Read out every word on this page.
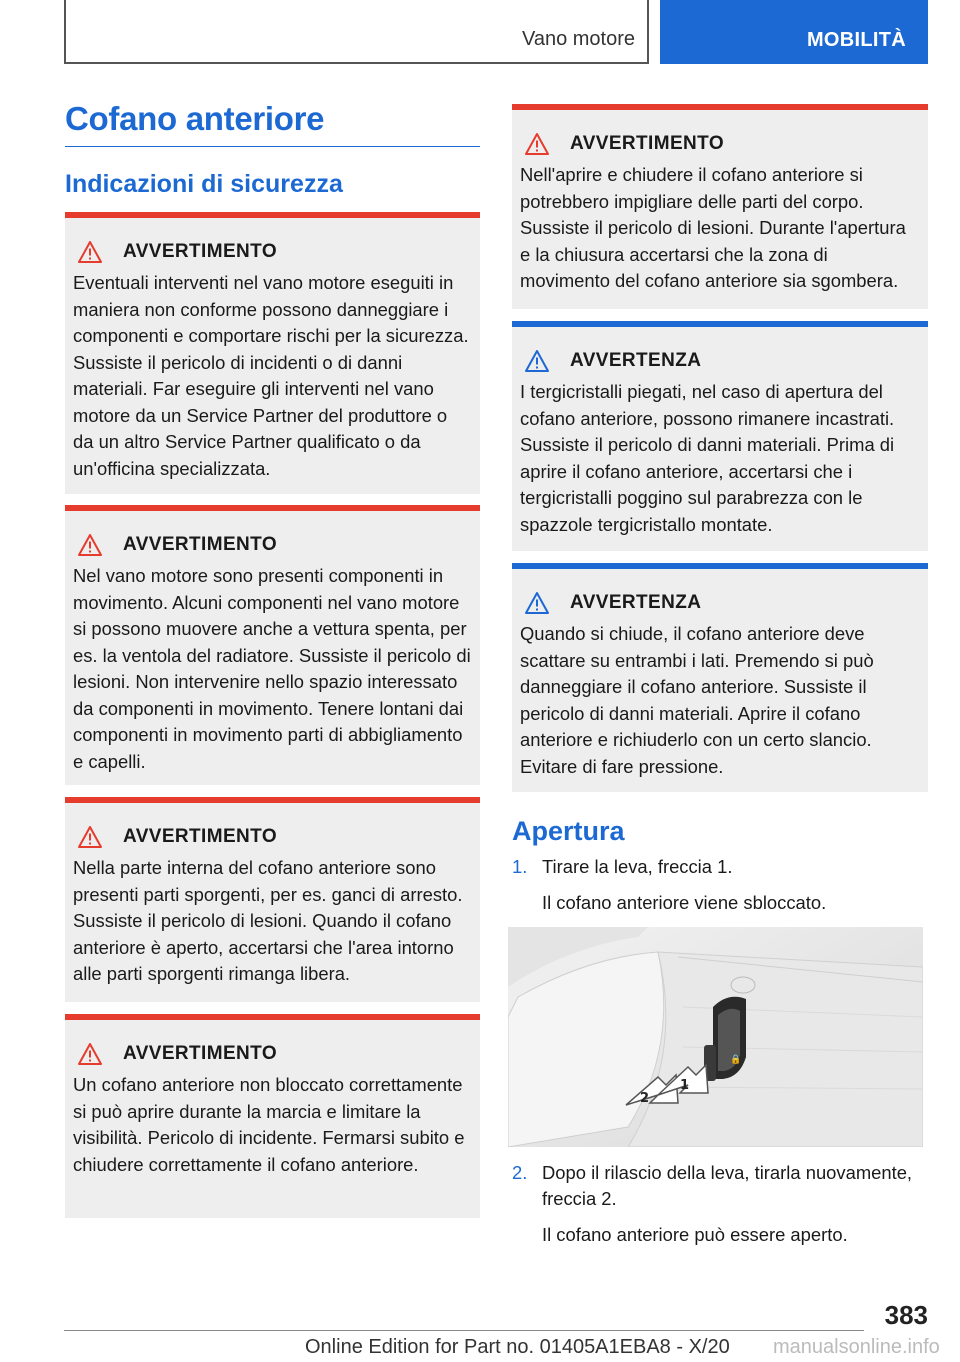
Vano motore	MOBILITÀ
Cofano anteriore
Indicazioni di sicurezza
AVVERTIMENTO

Eventuali interventi nel vano motore eseguiti in maniera non conforme possono danneggiare i componenti e comportare rischi per la sicurezza. Sussiste il pericolo di incidenti o di danni materiali. Far eseguire gli interventi nel vano motore da un Service Partner del produttore o da un altro Service Partner qualificato o da un'officina specializzata.

AVVERTIMENTO

Nel vano motore sono presenti componenti in movimento. Alcuni componenti nel vano motore si possono muovere anche a vettura spenta, per es. la ventola del radiatore. Sussiste il pericolo di lesioni. Non intervenire nello spazio interessato da componenti in movimento. Tenere lontani dai componenti in movimento parti di abbigliamento e capelli.

AVVERTIMENTO

Nella parte interna del cofano anteriore sono presenti parti sporgenti, per es. ganci di arresto. Sussiste il pericolo di lesioni. Quando il cofano anteriore è aperto, accertarsi che l'area intorno alle parti sporgenti rimanga libera.

AVVERTIMENTO

Un cofano anteriore non bloccato correttamente si può aprire durante la marcia e limitare la visibilità. Pericolo di incidente. Fermarsi subito e chiudere correttamente il cofano anteriore.

AVVERTIMENTO

Nell'aprire e chiudere il cofano anteriore si potrebbero impigliare delle parti del corpo. Sussiste il pericolo di lesioni. Durante l'apertura e la chiusura accertarsi che la zona di movimento del cofano anteriore sia sgombera.

AVVERTENZA

I tergicristalli piegati, nel caso di apertura del cofano anteriore, possono rimanere incastrati. Sussiste il pericolo di danni materiali. Prima di aprire il cofano anteriore, accertarsi che i tergicristalli poggino sul parabrezza con le spazzole tergicristallo montate.

AVVERTENZA

Quando si chiude, il cofano anteriore deve scattare su entrambi i lati. Premendo si può danneggiare il cofano anteriore. Sussiste il pericolo di danni materiali. Aprire il cofano anteriore e richiuderlo con un certo slancio. Evitare di fare pressione.

Apertura
1. Tirare la leva, freccia 1.
Il cofano anteriore viene sbloccato.
🔒
2
1
2. Dopo il rilascio della leva, tirarla nuovamente, freccia 2.
Il cofano anteriore può essere aperto.
383
Online Edition for Part no. 01405A1EBA8 - X/20 manualsonline.info
